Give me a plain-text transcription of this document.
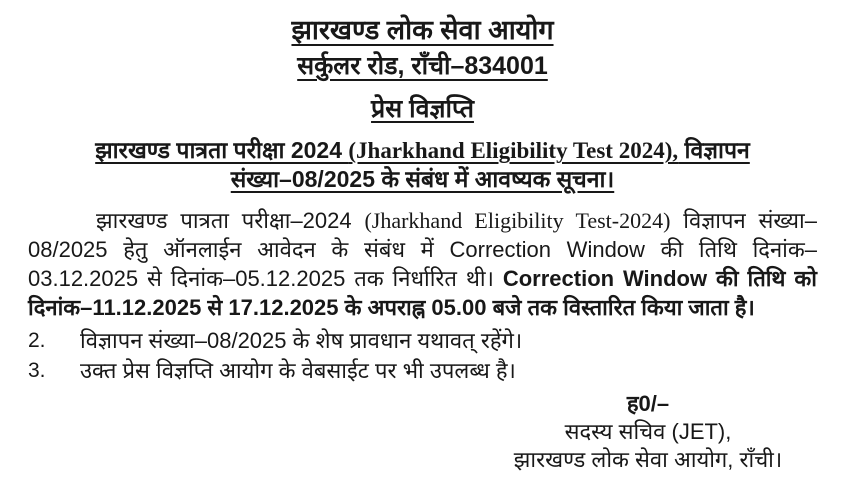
झारखण्ड लोक सेवा आयोग
सर्कुलर रोड, राँची–834001
प्रेस विज्ञप्ति
झारखण्ड पात्रता परीक्षा 2024 (Jharkhand Eligibility Test 2024), विज्ञापन
संख्या–08/2025 के संबंध में आवष्यक सूचना।
झारखण्ड पात्रता परीक्षा–2024 (Jharkhand Eligibility Test-2024) विज्ञापन संख्या–08/2025 हेतु ऑनलाईन आवेदन के संबंध में Correction Window की तिथि दिनांक–03.12.2025 से दिनांक–05.12.2025 तक निर्धारित थी। Correction Window की तिथि को दिनांक–11.12.2025 से 17.12.2025 के अपराह्न 05.00 बजे तक विस्तारित किया जाता है।
2.	विज्ञापन संख्या–08/2025 के शेष प्रावधान यथावत् रहेंगे।
3.	उक्त प्रेस विज्ञप्ति आयोग के वेबसाईट पर भी उपलब्ध है।
ह0/–
सदस्य सचिव (JET),
झारखण्ड लोक सेवा आयोग, राँची।
